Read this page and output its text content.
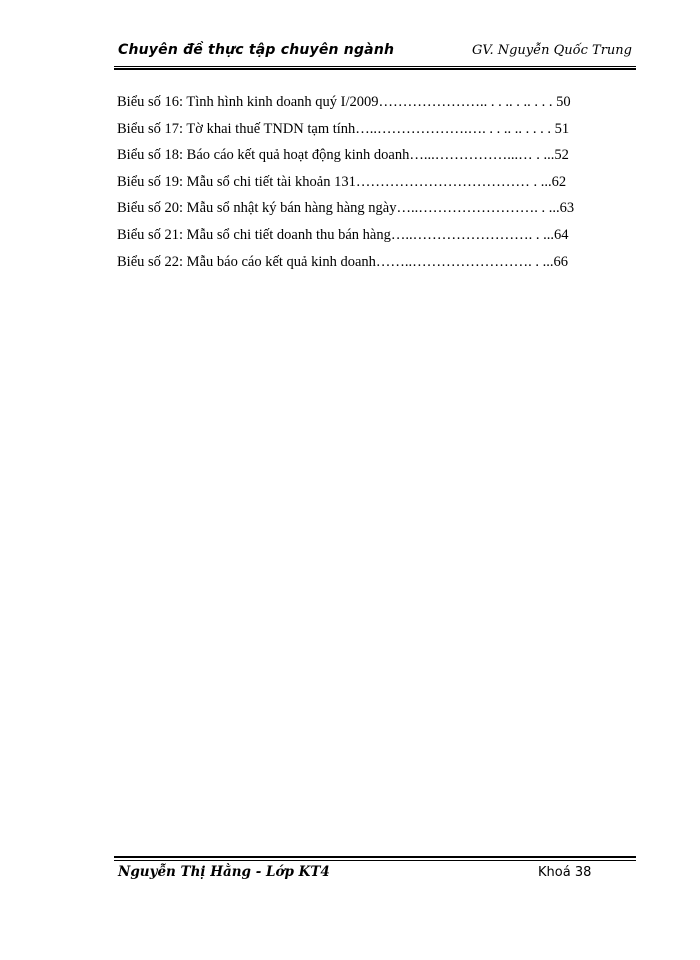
Chuyên đề thực tập chuyên ngành	GV. Nguyễn Quốc Trung
Biểu số 16: Tình hình kinh doanh quý I/2009………………….. . . .. . .. . . . 50
Biểu số 17: Tờ khai thuế TNDN tạm tính…..……………….…. . . .. .. . . . . 51
Biểu số 18: Báo cáo kết quả hoạt động kinh doanh…...……………...… . ...52
Biểu số 19: Mẫu sổ chi tiết tài khoản 131……………………………… . ...62
Biểu số 20: Mẫu sổ nhật ký bán hàng hàng ngày…..……………………. . ...63
Biểu số 21: Mẫu sổ chi tiết doanh thu bán hàng…..……………………. . ...64
Biểu số 22: Mẫu báo cáo kết quả kinh doanh……..……………………. . ...66
Nguyễn Thị Hằng - Lớp KT4	Khoá 38
